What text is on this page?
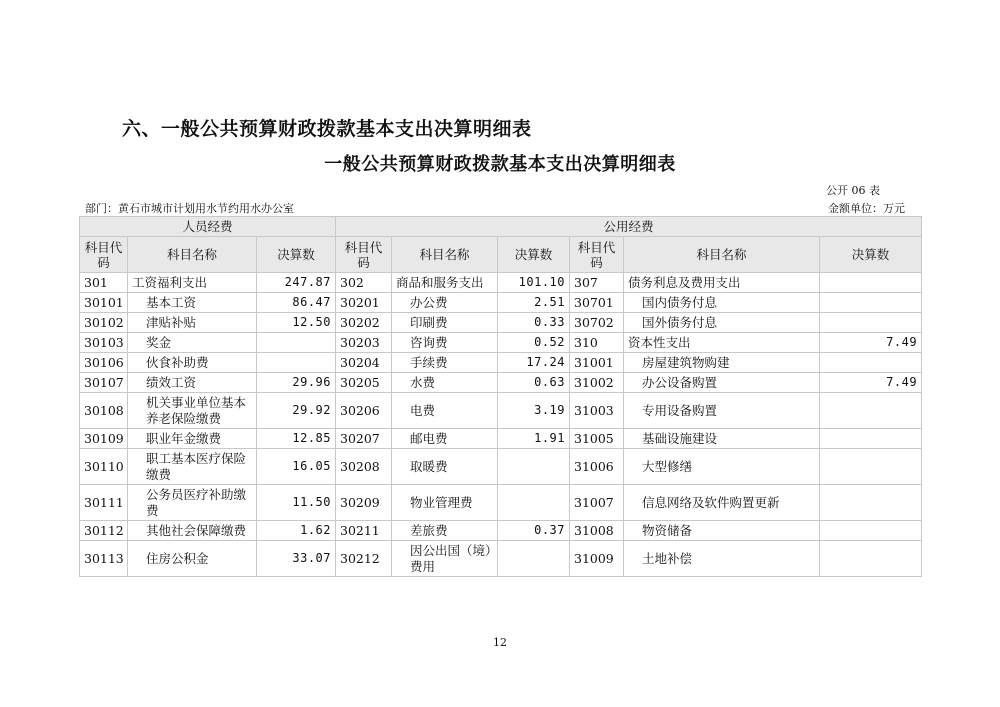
六、一般公共预算财政拨款基本支出决算明细表
一般公共预算财政拨款基本支出决算明细表
公开 06 表
部门：黄石市城市计划用水节约用水办公室	金额单位：万元
人员经费			公用经费					
科目代码	科目名称	决算数	科目代码	科目名称	决算数	科目代码	科目名称	决算数
301	工资福利支出	247.87	302	商品和服务支出	101.10	307	债务利息及费用支出	
30101	基本工资	86.47	30201	办公费	2.51	30701	国内债务付息	
30102	津贴补贴	12.50	30202	印刷费	0.33	30702	国外债务付息	
30103	奖金		30203	咨询费	0.52	310	资本性支出	7.49
30106	伙食补助费		30204	手续费	17.24	31001	房屋建筑物购建	
30107	绩效工资	29.96	30205	水费	0.63	31002	办公设备购置	7.49
30108	机关事业单位基本养老保险缴费	29.92	30206	电费	3.19	31003	专用设备购置	
30109	职业年金缴费	12.85	30207	邮电费	1.91	31005	基础设施建设	
30110	职工基本医疗保险缴费	16.05	30208	取暖费		31006	大型修缮	
30111	公务员医疗补助缴费	11.50	30209	物业管理费		31007	信息网络及软件购置更新	
30112	其他社会保障缴费	1.62	30211	差旅费	0.37	31008	物资储备	
30113	住房公积金	33.07	30212	因公出国（境）费用		31009	土地补偿	
12
